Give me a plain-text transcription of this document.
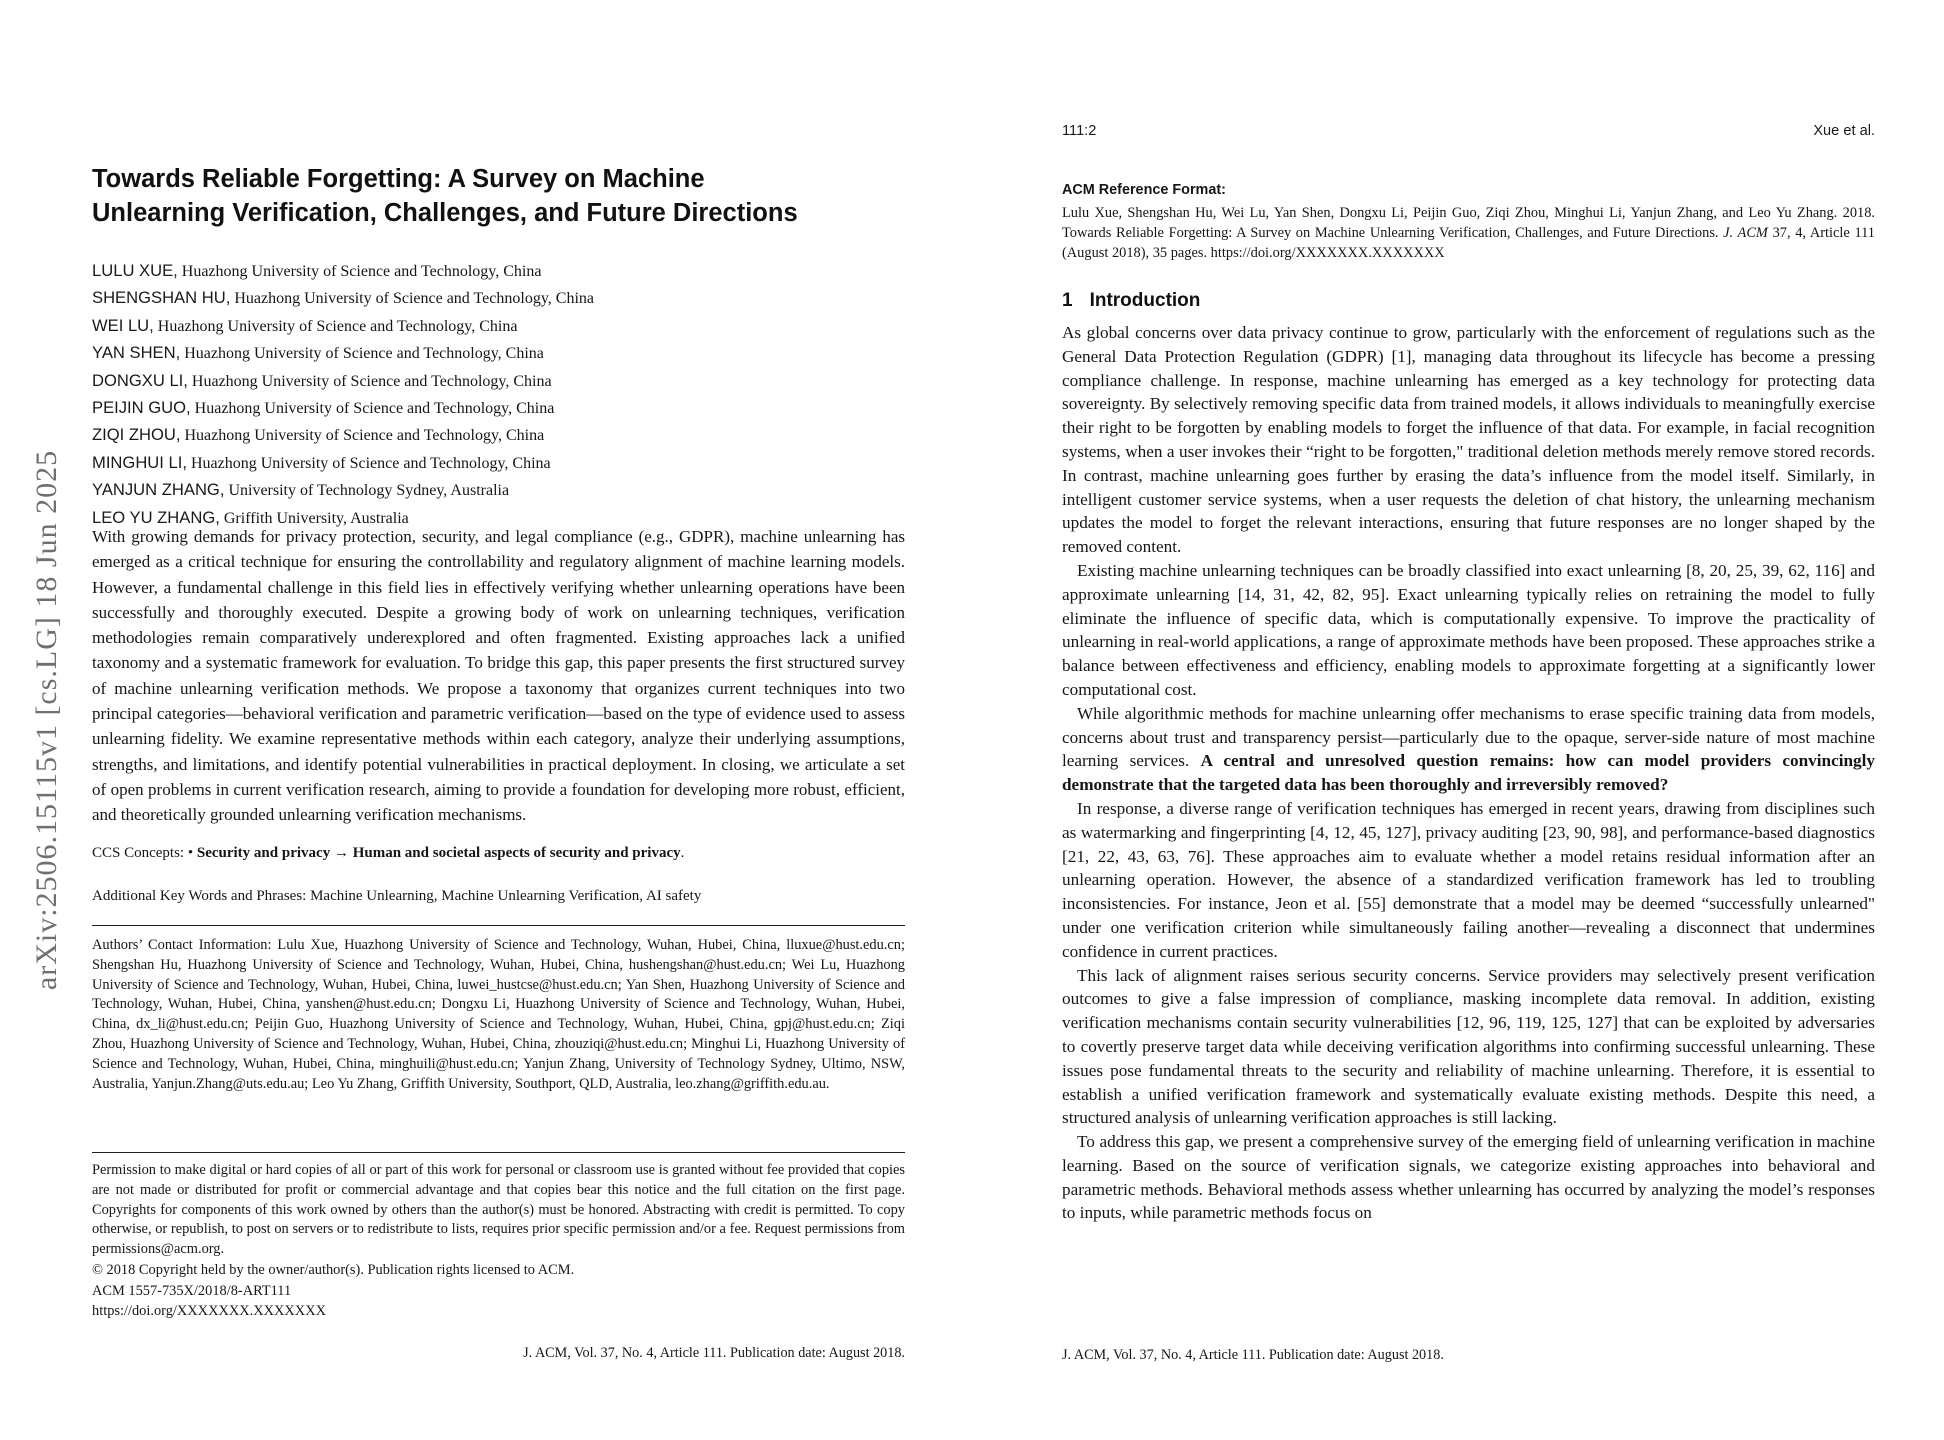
arXiv:2506.15115v1 [cs.LG] 18 Jun 2025
Towards Reliable Forgetting: A Survey on Machine
Unlearning Verification, Challenges, and Future Directions
LULU XUE, Huazhong University of Science and Technology, China
SHENGSHAN HU, Huazhong University of Science and Technology, China
WEI LU, Huazhong University of Science and Technology, China
YAN SHEN, Huazhong University of Science and Technology, China
DONGXU LI, Huazhong University of Science and Technology, China
PEIJIN GUO, Huazhong University of Science and Technology, China
ZIQI ZHOU, Huazhong University of Science and Technology, China
MINGHUI LI, Huazhong University of Science and Technology, China
YANJUN ZHANG, University of Technology Sydney, Australia
LEO YU ZHANG, Griffith University, Australia
With growing demands for privacy protection, security, and legal compliance (e.g., GDPR), machine unlearning has emerged as a critical technique for ensuring the controllability and regulatory alignment of machine learning models. However, a fundamental challenge in this field lies in effectively verifying whether unlearning operations have been successfully and thoroughly executed. Despite a growing body of work on unlearning techniques, verification methodologies remain comparatively underexplored and often fragmented. Existing approaches lack a unified taxonomy and a systematic framework for evaluation. To bridge this gap, this paper presents the first structured survey of machine unlearning verification methods. We propose a taxonomy that organizes current techniques into two principal categories—behavioral verification and parametric verification—based on the type of evidence used to assess unlearning fidelity. We examine representative methods within each category, analyze their underlying assumptions, strengths, and limitations, and identify potential vulnerabilities in practical deployment. In closing, we articulate a set of open problems in current verification research, aiming to provide a foundation for developing more robust, efficient, and theoretically grounded unlearning verification mechanisms.
CCS Concepts: • Security and privacy → Human and societal aspects of security and privacy.
Additional Key Words and Phrases: Machine Unlearning, Machine Unlearning Verification, AI safety
Authors’ Contact Information: Lulu Xue, Huazhong University of Science and Technology, Wuhan, Hubei, China, lluxue@hust.edu.cn; Shengshan Hu, Huazhong University of Science and Technology, Wuhan, Hubei, China, hushengshan@hust.edu.cn; Wei Lu, Huazhong University of Science and Technology, Wuhan, Hubei, China, luwei_hustcse@hust.edu.cn; Yan Shen, Huazhong University of Science and Technology, Wuhan, Hubei, China, yanshen@hust.edu.cn; Dongxu Li, Huazhong University of Science and Technology, Wuhan, Hubei, China, dx_li@hust.edu.cn; Peijin Guo, Huazhong University of Science and Technology, Wuhan, Hubei, China, gpj@hust.edu.cn; Ziqi Zhou, Huazhong University of Science and Technology, Wuhan, Hubei, China, zhouziqi@hust.edu.cn; Minghui Li, Huazhong University of Science and Technology, Wuhan, Hubei, China, minghuili@hust.edu.cn; Yanjun Zhang, University of Technology Sydney, Ultimo, NSW, Australia, Yanjun.Zhang@uts.edu.au; Leo Yu Zhang, Griffith University, Southport, QLD, Australia, leo.zhang@griffith.edu.au.
Permission to make digital or hard copies of all or part of this work for personal or classroom use is granted without fee provided that copies are not made or distributed for profit or commercial advantage and that copies bear this notice and the full citation on the first page. Copyrights for components of this work owned by others than the author(s) must be honored. Abstracting with credit is permitted. To copy otherwise, or republish, to post on servers or to redistribute to lists, requires prior specific permission and/or a fee. Request permissions from permissions@acm.org.
© 2018 Copyright held by the owner/author(s). Publication rights licensed to ACM.
ACM 1557-735X/2018/8-ART111
https://doi.org/XXXXXXX.XXXXXXX
J. ACM, Vol. 37, No. 4, Article 111. Publication date: August 2018.
111:2	Xue et al.
ACM Reference Format:
Lulu Xue, Shengshan Hu, Wei Lu, Yan Shen, Dongxu Li, Peijin Guo, Ziqi Zhou, Minghui Li, Yanjun Zhang, and Leo Yu Zhang. 2018. Towards Reliable Forgetting: A Survey on Machine Unlearning Verification, Challenges, and Future Directions. J. ACM 37, 4, Article 111 (August 2018), 35 pages. https://doi.org/XXXXXXX.XXXXXXX
1 Introduction

As global concerns over data privacy continue to grow, particularly with the enforcement of regulations such as the General Data Protection Regulation (GDPR) [1], managing data throughout its lifecycle has become a pressing compliance challenge. In response, machine unlearning has emerged as a key technology for protecting data sovereignty. By selectively removing specific data from trained models, it allows individuals to meaningfully exercise their right to be forgotten by enabling models to forget the influence of that data. For example, in facial recognition systems, when a user invokes their “right to be forgotten," traditional deletion methods merely remove stored records. In contrast, machine unlearning goes further by erasing the data’s influence from the model itself. Similarly, in intelligent customer service systems, when a user requests the deletion of chat history, the unlearning mechanism updates the model to forget the relevant interactions, ensuring that future responses are no longer shaped by the removed content.

Existing machine unlearning techniques can be broadly classified into exact unlearning [8, 20, 25, 39, 62, 116] and approximate unlearning [14, 31, 42, 82, 95]. Exact unlearning typically relies on retraining the model to fully eliminate the influence of specific data, which is computationally expensive. To improve the practicality of unlearning in real-world applications, a range of approximate methods have been proposed. These approaches strike a balance between effectiveness and efficiency, enabling models to approximate forgetting at a significantly lower computational cost.

While algorithmic methods for machine unlearning offer mechanisms to erase specific training data from models, concerns about trust and transparency persist—particularly due to the opaque, server-side nature of most machine learning services. A central and unresolved question remains: how can model providers convincingly demonstrate that the targeted data has been thoroughly and irreversibly removed?

In response, a diverse range of verification techniques has emerged in recent years, drawing from disciplines such as watermarking and fingerprinting [4, 12, 45, 127], privacy auditing [23, 90, 98], and performance-based diagnostics [21, 22, 43, 63, 76]. These approaches aim to evaluate whether a model retains residual information after an unlearning operation. However, the absence of a standardized verification framework has led to troubling inconsistencies. For instance, Jeon et al. [55] demonstrate that a model may be deemed “successfully unlearned" under one verification criterion while simultaneously failing another—revealing a disconnect that undermines confidence in current practices.

This lack of alignment raises serious security concerns. Service providers may selectively present verification outcomes to give a false impression of compliance, masking incomplete data removal. In addition, existing verification mechanisms contain security vulnerabilities [12, 96, 119, 125, 127] that can be exploited by adversaries to covertly preserve target data while deceiving verification algorithms into confirming successful unlearning. These issues pose fundamental threats to the security and reliability of machine unlearning. Therefore, it is essential to establish a unified verification framework and systematically evaluate existing methods. Despite this need, a structured analysis of unlearning verification approaches is still lacking.

To address this gap, we present a comprehensive survey of the emerging field of unlearning verification in machine learning. Based on the source of verification signals, we categorize existing approaches into behavioral and parametric methods. Behavioral methods assess whether unlearning has occurred by analyzing the model’s responses to inputs, while parametric methods focus on

J. ACM, Vol. 37, No. 4, Article 111. Publication date: August 2018.
